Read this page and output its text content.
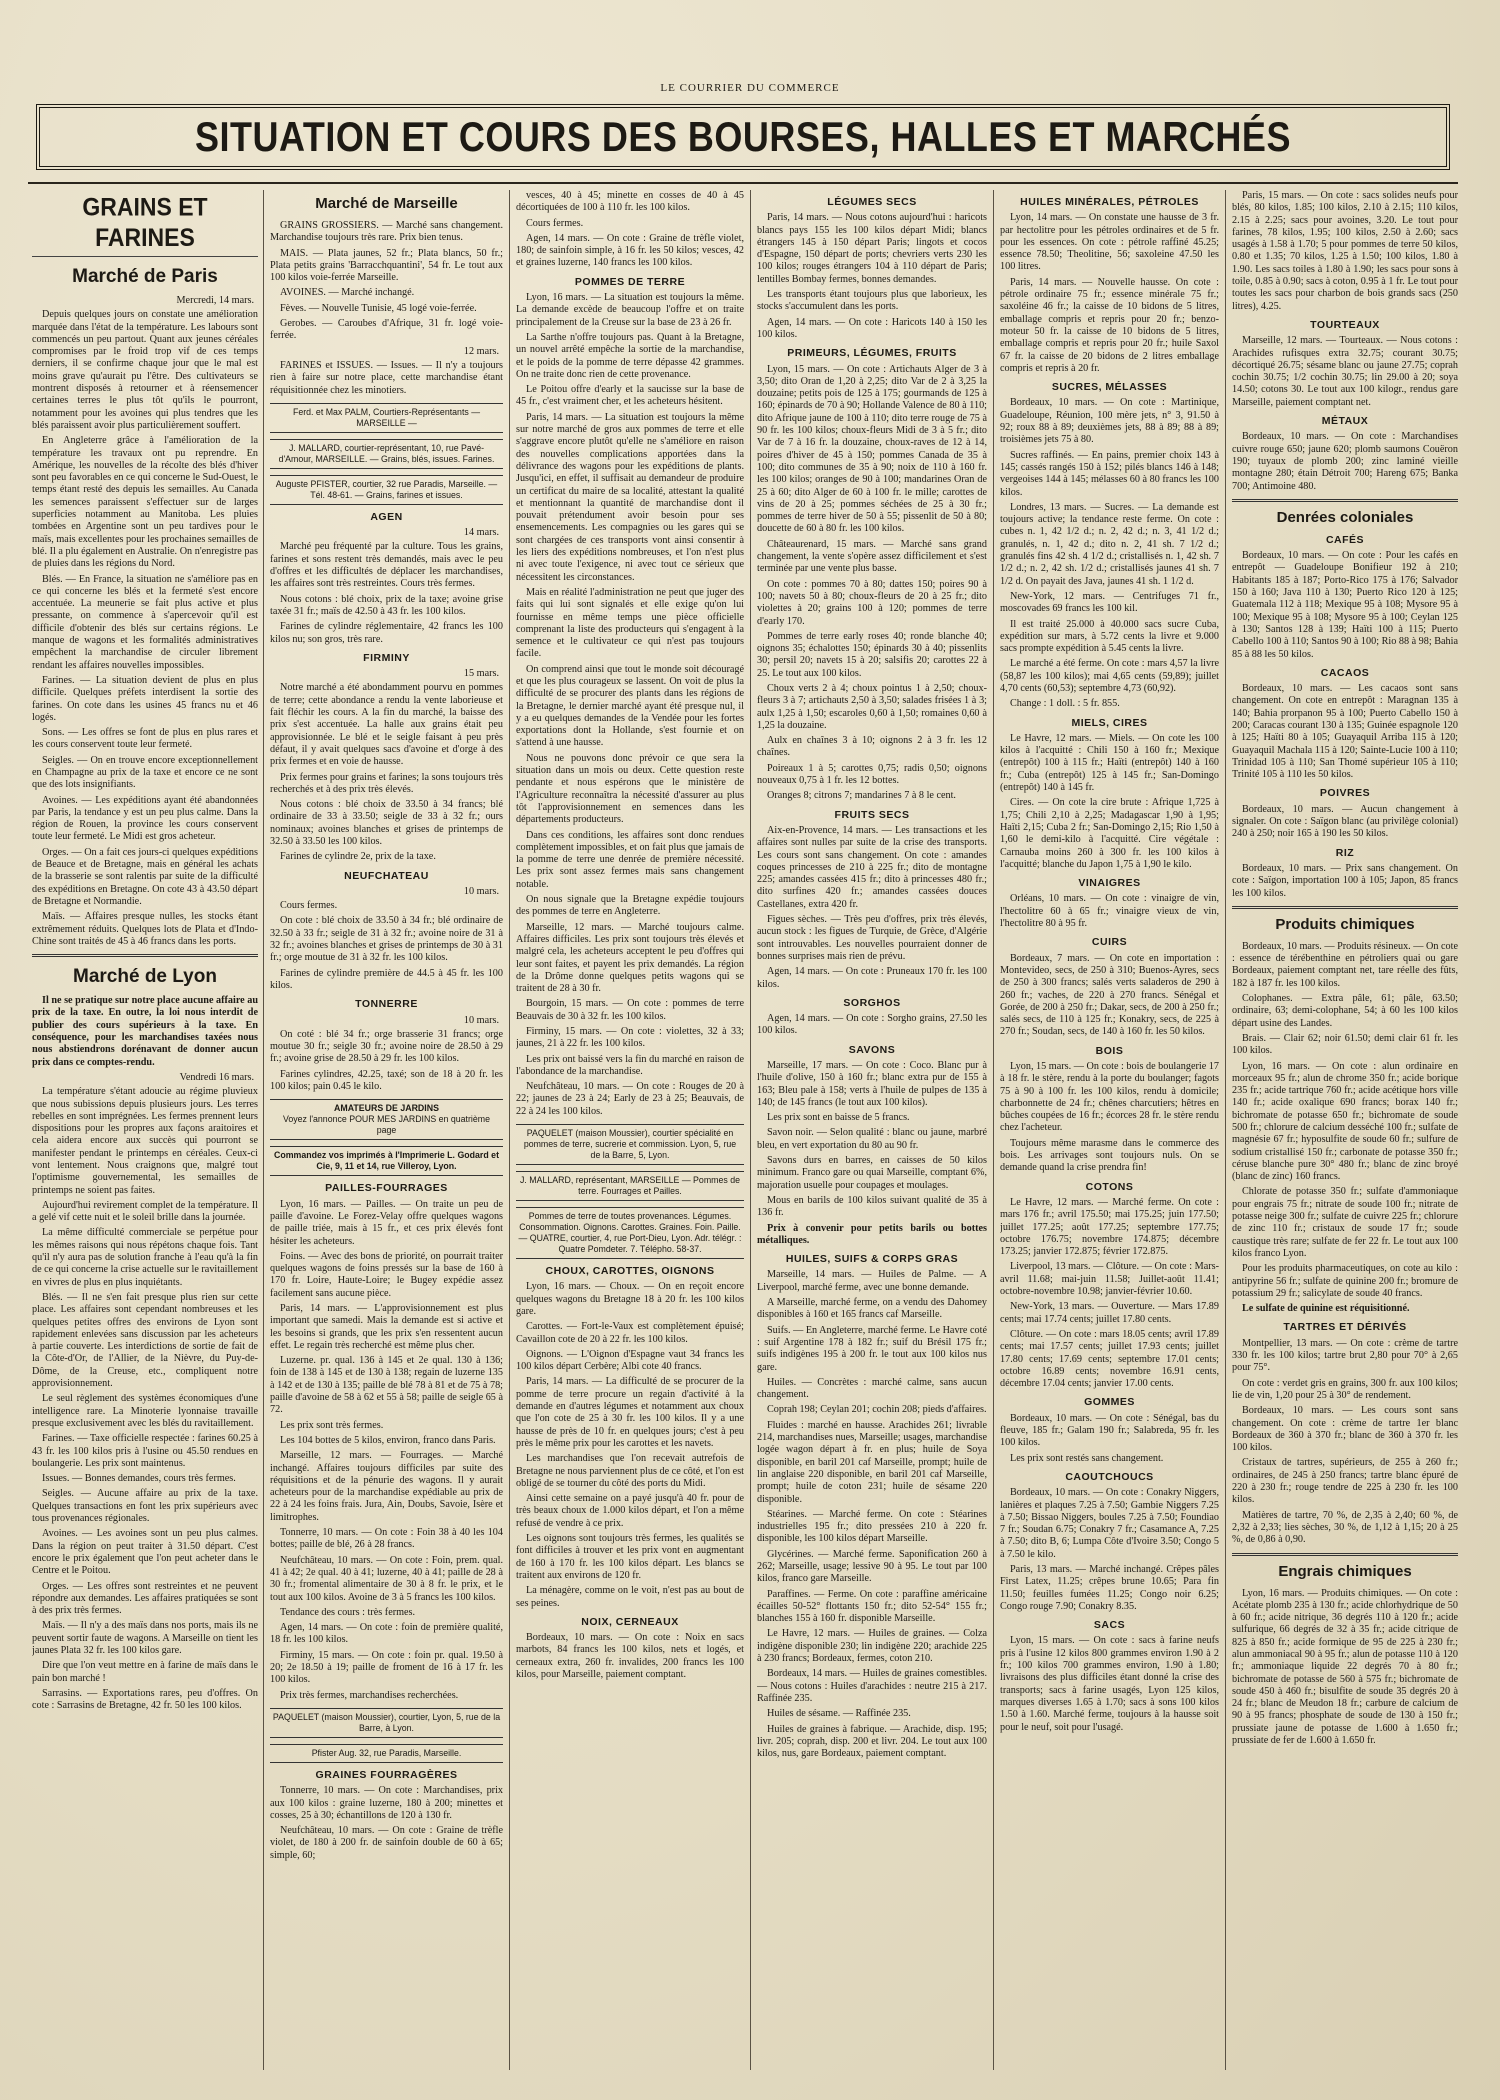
LE COURRIER DU COMMERCE
SITUATION ET COURS DES BOURSES, HALLES ET MARCHÉS
GRAINS ET FARINES
Marché de Paris
Mercredi, 14 mars.

Depuis quelques jours on constate une amélioration marquée dans l'état de la température. Les labours sont commencés un peu partout. Quant aux jeunes céréales compromises par le froid trop vif de ces temps derniers, il se confirme chaque jour que le mal est moins grave qu'aurait pu l'être. Des cultivateurs se montrent disposés à retourner et à réensemencer certaines terres le plus tôt qu'ils le pourront, notamment pour les avoines qui plus tendres que les blés paraissent avoir plus particulièrement souffert.

En Angleterre grâce à l'amélioration de la température les travaux ont pu reprendre. En Amérique, les nouvelles de la récolte des blés d'hiver sont peu favorables en ce qui concerne le Sud-Ouest, le temps étant resté des depuis les semailles. Au Canada les semences paraissent s'effectuer sur de larges superficies notamment au Manitoba. Les pluies tombées en Argentine sont un peu tardives pour le maïs, mais excellentes pour les prochaines semailles de blé. Il a plu également en Australie. On n'enregistre pas de pluies dans les régions du Nord.

Blés. — En France, la situation ne s'améliore pas en ce qui concerne les blés et la fermeté s'est encore accentuée. La meunerie se fait plus active et plus pressante, on commence à s'apercevoir qu'il est difficile d'obtenir des blés sur certains régions. Le manque de wagons et les formalités administratives empêchent la marchandise de circuler librement rendant les affaires nouvelles impossibles.

Farines. — La situation devient de plus en plus difficile. Quelques préfets interdisent la sortie des farines. On cote dans les usines 45 francs nu et 46 logés.

Sons. — Les offres se font de plus en plus rares et les cours conservent toute leur fermeté.

Seigles. — On en trouve encore exceptionnellement en Champagne au prix de la taxe et encore ce ne sont que des lots insignifiants.

Avoines. — Les expéditions ayant été abandonnées par Paris, la tendance y est un peu plus calme. Dans la région de Rouen, la province les cours conservent toute leur fermeté. Le Midi est gros acheteur.

Orges. — On a fait ces jours-ci quelques expéditions de Beauce et de Bretagne, mais en général les achats de la brasserie se sont ralentis par suite de la difficulté des expéditions en Bretagne. On cote 43 à 43.50 départ de Bretagne et Normandie.

Maïs. — Affaires presque nulles, les stocks étant extrêmement réduits. Quelques lots de Plata et d'Indo-Chine sont traités de 45 à 46 francs dans les ports.

Marché de Lyon

Il ne se pratique sur notre place aucune affaire au prix de la taxe. En outre, la loi nous interdit de publier des cours supérieurs à la taxe. En conséquence, pour les marchandises taxées nous nous abstiendrons dorénavant de donner aucun prix dans ce comptes-rendu.

Vendredi 16 mars.

La température s'étant adoucie au régime pluvieux que nous subissions depuis plusieurs jours. Les terres rebelles en sont imprégnées. Les fermes prennent leurs dispositions pour les propres aux façons araitoires et cela aidera encore aux succès qui pourront se manifester pendant le printemps en céréales. Ceux-ci vont lentement. Nous craignons que, malgré tout l'optimisme gouvernemental, les semailles de printemps ne soient pas faites.

Aujourd'hui revirement complet de la température. Il a gelé vif cette nuit et le soleil brille dans la journée.

La même difficulté commerciale se perpétue pour les mêmes raisons qui nous répétons chaque fois. Tant qu'il n'y aura pas de solution franche à l'eau qu'à la fin de ce qui concerne la crise actuelle sur le ravitaillement en vivres de plus en plus inquiétants.

Blés. — Il ne s'en fait presque plus rien sur cette place. Les affaires sont cependant nombreuses et les quelques petites offres des environs de Lyon sont rapidement enlevées sans discussion par les acheteurs à partie couverte. Les interdictions de sortie de fait de la Côte-d'Or, de l'Allier, de la Nièvre, du Puy-de-Dôme, de la Creuse, etc., compliquent notre approvisionnement.

Le seul règlement des systèmes économiques d'une intelligence rare. La Minoterie lyonnaise travaille presque exclusivement avec les blés du ravitaillement.

Farines. — Taxe officielle respectée : farines 60.25 à 43 fr. les 100 kilos pris à l'usine ou 45.50 rendues en boulangerie. Les prix sont maintenus.

Issues. — Bonnes demandes, cours très fermes.

Seigles. — Aucune affaire au prix de la taxe. Quelques transactions en font les prix supérieurs avec tous provenances régionales.

Avoines. — Les avoines sont un peu plus calmes. Dans la région on peut traiter à 31.50 départ. C'est encore le prix également que l'on peut acheter dans le Centre et le Poitou.

Orges. — Les offres sont restreintes et ne peuvent répondre aux demandes. Les affaires pratiquées se sont à des prix très fermes.

Maïs. — Il n'y a des maïs dans nos ports, mais ils ne peuvent sortir faute de wagons. A Marseille on tient les jaunes Plata 32 fr. les 100 kilos gare.

Dire que l'on veut mettre en à farine de maïs dans le pain bon marché !

Sarrasins. — Exportations rares, peu d'offres. On cote : Sarrasins de Bretagne, 42 fr. 50 les 100 kilos.

Marché de Marseille

GRAINS GROSSIERS. — Marché sans changement. Marchandise toujours très rare. Prix bien tenus.

MAIS. — Plata jaunes, 52 fr.; Plata blancs, 50 fr.; Plata petits grains 'Barracchquantini', 54 fr. Le tout aux 100 kilos voie-ferrée Marseille.

AVOINES. — Marché inchangé.

Fèves. — Nouvelle Tunisie, 45 logé voie-ferrée.

Gerobes. — Caroubes d'Afrique, 31 fr. logé voie-ferrée.

12 mars.

FARINES et ISSUES. — Issues. — Il n'y a toujours rien à faire sur notre place, cette marchandise étant réquisitionnée chez les minotiers.

Ferd. et Max PALM, Courtiers-Représentants — MARSEILLE —
J. MALLARD, courtier-représentant, 10, rue Pavé-d'Amour, MARSEILLE. — Grains, blés, issues. Farines.
Auguste PFISTER, courtier, 32 rue Paradis, Marseille. — Tél. 48-61. — Grains, farines et issues.
AGEN
14 mars.

Marché peu fréquenté par la culture. Tous les grains, farines et sons restent très demandés, mais avec le peu d'offres et les difficultés de déplacer les marchandises, les affaires sont très restreintes. Cours très fermes.

Nous cotons : blé choix, prix de la taxe; avoine grise taxée 31 fr.; maïs de 42.50 à 43 fr. les 100 kilos.

Farines de cylindre réglementaire, 42 francs les 100 kilos nu; son gros, très rare.

FIRMINY
15 mars.

Notre marché a été abondamment pourvu en pommes de terre; cette abondance a rendu la vente laborieuse et fait fléchir les cours. A la fin du marché, la baisse des prix s'est accentuée. La halle aux grains était peu approvisionnée. Le blé et le seigle faisant à peu près défaut, il y avait quelques sacs d'avoine et d'orge à des prix fermes et en voie de hausse.

Prix fermes pour grains et farines; la sons toujours très recherchés et à des prix très élevés.

Nous cotons : blé choix de 33.50 à 34 francs; blé ordinaire de 33 à 33.50; seigle de 33 à 32 fr.; ours nominaux; avoines blanches et grises de printemps de 32.50 à 33.50 les 100 kilos.

Farines de cylindre 2e, prix de la taxe.

NEUFCHATEAU
10 mars.

Cours fermes.

On cote : blé choix de 33.50 à 34 fr.; blé ordinaire de 32.50 à 33 fr.; seigle de 31 à 32 fr.; avoine noire de 31 à 32 fr.; avoines blanches et grises de printemps de 30 à 31 fr.; orge moutue de 31 à 32 fr. les 100 kilos.

Farines de cylindre première de 44.5 à 45 fr. les 100 kilos.

TONNERRE
10 mars.

On coté : blé 34 fr.; orge brasserie 31 francs; orge moutue 30 fr.; seigle 30 fr.; avoine noire de 28.50 à 29 fr.; avoine grise de 28.50 à 29 fr. les 100 kilos.

Farines cylindres, 42.25, taxé; son de 18 à 20 fr. les 100 kilos; pain 0.45 le kilo.

AMATEURS DE JARDINS
Voyez l'annonce POUR MES JARDINS en quatrième page
Commandez vos imprimés à l'Imprimerie L. Godard et Cie, 9, 11 et 14, rue Villeroy, Lyon.
PAILLES-FOURRAGES

Lyon, 16 mars. — Pailles. — On traite un peu de paille d'avoine. Le Forez-Velay offre quelques wagons de paille triée, mais à 15 fr., et ces prix élevés font hésiter les acheteurs.

Foins. — Avec des bons de priorité, on pourrait traiter quelques wagons de foins pressés sur la base de 160 à 170 fr. Loire, Haute-Loire; le Bugey expédie assez facilement sans aucune pièce.

Paris, 14 mars. — L'approvisionnement est plus important que samedi. Mais la demande est si active et les besoins si grands, que les prix s'en ressentent aucun effet. Le regain très recherché est même plus cher.

Luzerne. pr. qual. 136 à 145 et 2e qual. 130 à 136; foin de 138 à 145 et de 130 à 138; regain de luzerne 135 à 142 et de 130 à 135; paille de blé 78 à 81 et de 75 à 78; paille d'avoine de 58 à 62 et 55 à 58; paille de seigle 65 à 72.

Les prix sont très fermes.

Les 104 bottes de 5 kilos, environ, franco dans Paris.

Marseille, 12 mars. — Fourrages. — Marché inchangé. Affaires toujours difficiles par suite des réquisitions et de la pénurie des wagons. Il y aurait acheteurs pour de la marchandise expédiable au prix de 22 à 24 les foins frais. Jura, Ain, Doubs, Savoie, Isère et limitrophes.

Tonnerre, 10 mars. — On cote : Foin 38 à 40 les 104 bottes; paille de blé, 26 à 28 francs.

Neufchâteau, 10 mars. — On cote : Foin, prem. qual. 41 à 42; 2e qual. 40 à 41; luzerne, 40 à 41; paille de 28 à 30 fr.; fromental alimentaire de 30 à 8 fr. le prix, et le tout aux 100 kilos. Avoine de 3 à 5 francs les 100 kilos.

Tendance des cours : très fermes.

Agen, 14 mars. — On cote : foin de première qualité, 18 fr. les 100 kilos.

Firminy, 15 mars. — On cote : foin pr. qual. 19.50 à 20; 2e 18.50 à 19; paille de froment de 16 à 17 fr. les 100 kilos.

Prix très fermes, marchandises recherchées.

PAQUELET (maison Moussier), courtier, Lyon, 5, rue de la Barre, à Lyon.
Pfister Aug. 32, rue Paradis, Marseille.
GRAINES FOURRAGÈRES

Tonnerre, 10 mars. — On cote : Marchandises, prix aux 100 kilos : graine luzerne, 180 à 200; minettes et cosses, 25 à 30; échantillons de 120 à 130 fr.

Neufchâteau, 10 mars. — On cote : Graine de trèfle violet, de 180 à 200 fr. de sainfoin double de 60 à 65; simple, 60;

vesces, 40 à 45; minette en cosses de 40 à 45 décortiquées de 100 à 110 fr. les 100 kilos.

Cours fermes.

Agen, 14 mars. — On cote : Graine de trèfle violet, 180; de sainfoin simple, à 16 fr. les 50 kilos; vesces, 42 et graines luzerne, 140 francs les 100 kilos.

POMMES DE TERRE

Lyon, 16 mars. — La situation est toujours la même. La demande excède de beaucoup l'offre et on traite principalement de la Creuse sur la base de 23 à 26 fr.

La Sarthe n'offre toujours pas. Quant à la Bretagne, un nouvel arrêté empêche la sortie de la marchandise, et le poids de la pomme de terre dépasse 42 grammes. On ne traite donc rien de cette provenance.

Le Poitou offre d'early et la saucisse sur la base de 45 fr., c'est vraiment cher, et les acheteurs hésitent.

Paris, 14 mars. — La situation est toujours la même sur notre marché de gros aux pommes de terre et elle s'aggrave encore plutôt qu'elle ne s'améliore en raison des nouvelles complications apportées dans la délivrance des wagons pour les expéditions de plants. Jusqu'ici, en effet, il suffisait au demandeur de produire un certificat du maire de sa localité, attestant la qualité et mentionnant la quantité de marchandise dont il pouvait prétendument avoir besoin pour ses ensemencements. Les compagnies ou les gares qui se sont chargées de ces transports vont ainsi consentir à les liers des expéditions nombreuses, et l'on n'est plus ni avec toute l'exigence, ni avec tout ce sérieux que nécessitent les circonstances.

Mais en réalité l'administration ne peut que juger des faits qui lui sont signalés et elle exige qu'on lui fournisse en même temps une pièce officielle comprenant la liste des producteurs qui s'engagent à la semence et le cultivateur ce qui n'est pas toujours facile.

On comprend ainsi que tout le monde soit découragé et que les plus courageux se lassent. On voit de plus la difficulté de se procurer des plants dans les régions de la Bretagne, le dernier marché ayant été presque nul, il y a eu quelques demandes de la Vendée pour les fortes exportations dont la Hollande, s'est fournie et on s'attend à une hausse.

Nous ne pouvons donc prévoir ce que sera la situation dans un mois ou deux. Cette question reste pendante et nous espérons que le ministère de l'Agriculture reconnaîtra la nécessité d'assurer au plus tôt l'approvisionnement en semences dans les départements producteurs.

Dans ces conditions, les affaires sont donc rendues complètement impossibles, et on fait plus que jamais de la pomme de terre une denrée de première nécessité. Les prix sont assez fermes mais sans changement notable.

On nous signale que la Bretagne expédie toujours des pommes de terre en Angleterre.

Marseille, 12 mars. — Marché toujours calme. Affaires difficiles. Les prix sont toujours très élevés et malgré cela, les acheteurs acceptent le peu d'offres qui leur sont faites, et payent les prix demandés. La région de la Drôme donne quelques petits wagons qui se traitent de 28 à 30 fr.

Bourgoin, 15 mars. — On cote : pommes de terre Beauvais de 30 à 32 fr. les 100 kilos.

Firminy, 15 mars. — On cote : violettes, 32 à 33; jaunes, 21 à 22 fr. les 100 kilos.

Les prix ont baissé vers la fin du marché en raison de l'abondance de la marchandise.

Neufchâteau, 10 mars. — On cote : Rouges de 20 à 22; jaunes de 23 à 24; Early de 23 à 25; Beauvais, de 22 à 24 les 100 kilos.

PAQUELET (maison Moussier), courtier spécialité en pommes de terre, sucrerie et commission. Lyon, 5, rue de la Barre, 5, Lyon.
J. MALLARD, représentant, MARSEILLE — Pommes de terre. Fourrages et Pailles.
Pommes de terre de toutes provenances. Légumes. Consommation. Oignons. Carottes. Graines. Foin. Paille. — QUATRE, courtier, 4, rue Port-Dieu, Lyon. Adr. télégr. : Quatre Pomdeter. 7. Télépho. 58-37.
CHOUX, CAROTTES, OIGNONS

Lyon, 16 mars. — Choux. — On en reçoit encore quelques wagons du Bretagne 18 à 20 fr. les 100 kilos gare.

Carottes. — Fort-le-Vaux est complètement épuisé; Cavaillon cote de 20 à 22 fr. les 100 kilos.

Oignons. — L'Oignon d'Espagne vaut 34 francs les 100 kilos départ Cerbère; Albi cote 40 francs.

Paris, 14 mars. — La difficulté de se procurer de la pomme de terre procure un regain d'activité à la demande en d'autres légumes et notamment aux choux que l'on cote de 25 à 30 fr. les 100 kilos. Il y a une hausse de près de 10 fr. en quelques jours; c'est à peu près le même prix pour les carottes et les navets.

Les marchandises que l'on recevait autrefois de Bretagne ne nous parviennent plus de ce côté, et l'on est obligé de se tourner du côté des ports du Midi.

Ainsi cette semaine on a payé jusqu'à 40 fr. pour de très beaux choux de 1.000 kilos départ, et l'on a même refusé de vendre à ce prix.

Les oignons sont toujours très fermes, les qualités se font difficiles à trouver et les prix vont en augmentant de 160 à 170 fr. les 100 kilos départ. Les blancs se traitent aux environs de 120 fr.

La ménagère, comme on le voit, n'est pas au bout de ses peines.

NOIX, CERNEAUX

Bordeaux, 10 mars. — On cote : Noix en sacs marbots, 84 francs les 100 kilos, nets et logés, et cerneaux extra, 260 fr. invalides, 200 francs les 100 kilos, pour Marseille, paiement comptant.

LÉGUMES SECS

Paris, 14 mars. — Nous cotons aujourd'hui : haricots blancs pays 155 les 100 kilos départ Midi; blancs étrangers 145 à 150 départ Paris; lingots et cocos d'Espagne, 150 départ de ports; chevriers verts 230 les 100 kilos; rouges étrangers 104 à 110 départ de Paris; lentilles Bombay fermes, bonnes demandes.

Les transports étant toujours plus que laborieux, les stocks s'accumulent dans les ports.

Agen, 14 mars. — On cote : Haricots 140 à 150 les 100 kilos.

PRIMEURS, LÉGUMES, FRUITS

Lyon, 15 mars. — On cote : Artichauts Alger de 3 à 3,50; dito Oran de 1,20 à 2,25; dito Var de 2 à 3,25 la douzaine; petits pois de 125 à 175; gourmands de 125 à 160; épinards de 70 à 90; Hollande Valence de 80 à 110; dito Afrique jaune de 100 à 110; dito terre rouge de 75 à 90 fr. les 100 kilos; choux-fleurs Midi de 3 à 5 fr.; dito Var de 7 à 16 fr. la douzaine, choux-raves de 12 à 14, poires d'hiver de 45 à 150; pommes Canada de 35 à 100; dito communes de 35 à 90; noix de 110 à 160 fr. les 100 kilos; oranges de 90 à 100; mandarines Oran de 25 à 60; dito Alger de 60 à 100 fr. le mille; carottes de vins de 20 à 25; pommes séchées de 25 à 30 fr.; pommes de terre hiver de 50 à 55; pissenlit de 50 à 80; doucette de 60 à 80 fr. les 100 kilos.

Châteaurenard, 15 mars. — Marché sans grand changement, la vente s'opère assez difficilement et s'est terminée par une vente plus basse.

On cote : pommes 70 à 80; dattes 150; poires 90 à 100; navets 50 à 80; choux-fleurs de 20 à 25 fr.; dito violettes à 20; grains 100 à 120; pommes de terre d'early 170.

Pommes de terre early roses 40; ronde blanche 40; oignons 35; échalottes 150; épinards 30 à 40; pissenlits 30; persil 20; navets 15 à 20; salsifis 20; carottes 22 à 25. Le tout aux 100 kilos.

Choux verts 2 à 4; choux pointus 1 à 2,50; choux-fleurs 3 à 7; artichauts 2,50 à 3,50; salades frisées 1 à 3; aulx 1,25 à 1,50; escaroles 0,60 à 1,50; romaines 0,60 à 1,25 la douzaine.

Aulx en chaînes 3 à 10; oignons 2 à 3 fr. les 12 chaînes.

Poireaux 1 à 5; carottes 0,75; radis 0,50; oignons nouveaux 0,75 à 1 fr. les 12 bottes.

Oranges 8; citrons 7; mandarines 7 à 8 le cent.

FRUITS SECS

Aix-en-Provence, 14 mars. — Les transactions et les affaires sont nulles par suite de la crise des transports. Les cours sont sans changement. On cote : amandes coques princesses de 210 à 225 fr.; dito de montagne 225; amandes cassées 415 fr.; dito à princesses 480 fr.; dito surfines 420 fr.; amandes cassées douces Castellanes, extra 420 fr.

Figues sèches. — Très peu d'offres, prix très élevés, aucun stock : les figues de Turquie, de Grèce, d'Algérie sont introuvables. Les nouvelles pourraient donner de bonnes surprises mais rien de prévu.

Agen, 14 mars. — On cote : Pruneaux 170 fr. les 100 kilos.

SORGHOS

Agen, 14 mars. — On cote : Sorgho grains, 27.50 les 100 kilos.

SAVONS

Marseille, 17 mars. — On cote : Coco. Blanc pur à l'huile d'olive, 150 à 160 fr.; blanc extra pur de 155 à 163; Bleu pale à 158; verts à l'huile de pulpes de 135 à 140; de 145 francs (le tout aux 100 kilos).

Les prix sont en baisse de 5 francs.

Savon noir. — Selon qualité : blanc ou jaune, marbré bleu, en vert exportation du 80 au 90 fr.

Savons durs en barres, en caisses de 50 kilos minimum. Franco gare ou quai Marseille, comptant 6%, majoration usuelle pour coupages et moulages.

Mous en barils de 100 kilos suivant qualité de 35 à 136 fr.

Prix à convenir pour petits barils ou bottes métalliques.

HUILES, SUIFS & CORPS GRAS

Marseille, 14 mars. — Huiles de Palme. — A Liverpool, marché ferme, avec une bonne demande.

A Marseille, marché ferme, on a vendu des Dahomey disponibles à 160 et 165 francs caf Marseille.

Suifs. — En Angleterre, marché ferme. Le Havre coté : suif Argentine 178 à 182 fr.; suif du Brésil 175 fr.; suifs indigènes 195 à 200 fr. le tout aux 100 kilos nus gare.

Huiles. — Concrètes : marché calme, sans aucun changement.

Coprah 198; Ceylan 201; cochin 208; pieds d'affaires.

Fluides : marché en hausse. Arachides 261; livrable 214, marchandises nues, Marseille; usages, marchandise logée wagon départ à fr. en plus; huile de Soya disponible, en baril 201 caf Marseille, prompt; huile de lin anglaise 220 disponible, en baril 201 caf Marseille, prompt; huile de coton 231; huile de sésame 220 disponible.

Stéarines. — Marché ferme. On cote : Stéarines industrielles 195 fr.; dito pressées 210 à 220 fr. disponible, les 100 kilos départ Marseille.

Glycérines. — Marché ferme. Saponification 260 à 262; Marseille, usage; lessive 90 à 95. Le tout par 100 kilos, franco gare Marseille.

Paraffines. — Ferme. On cote : paraffine américaine écailles 50-52° flottants 150 fr.; dito 52-54° 155 fr.; blanches 155 à 160 fr. disponible Marseille.

Le Havre, 12 mars. — Huiles de graines. — Colza indigène disponible 230; lin indigène 220; arachide 225 à 230 francs; Bordeaux, fermes, coton 210.

Bordeaux, 14 mars. — Huiles de graines comestibles. — Nous cotons : Huiles d'arachides : neutre 215 à 217. Raffinée 235.

Huiles de sésame. — Raffinée 235.

Huiles de graines à fabrique. — Arachide, disp. 195; livr. 205; coprah, disp. 200 et livr. 204. Le tout aux 100 kilos, nus, gare Bordeaux, paiement comptant.

HUILES MINÉRALES, PÉTROLES

Lyon, 14 mars. — On constate une hausse de 3 fr. par hectolitre pour les pétroles ordinaires et de 5 fr. pour les essences. On cote : pétrole raffiné 45.25; essence 78.50; Theolitine, 56; saxoleine 47.50 les 100 litres.

Paris, 14 mars. — Nouvelle hausse. On cote : pétrole ordinaire 75 fr.; essence minérale 75 fr.; saxoléine 46 fr.; la caisse de 10 bidons de 5 litres, emballage compris et repris pour 20 fr.; benzo-moteur 50 fr. la caisse de 10 bidons de 5 litres, emballage compris et repris pour 20 fr.; huile Saxol 67 fr. la caisse de 20 bidons de 2 litres emballage compris et repris à 20 fr.

SUCRES, MÉLASSES

Bordeaux, 10 mars. — On cote : Martinique, Guadeloupe, Réunion, 100 mère jets, n° 3, 91.50 à 92; roux 88 à 89; deuxièmes jets, 88 à 89; 88 à 89; troisièmes jets 75 à 80.

Sucres raffinés. — En pains, premier choix 143 à 145; cassés rangés 150 à 152; pilés blancs 146 à 148; vergeoises 144 à 145; mélasses 60 à 80 francs les 100 kilos.

Londres, 13 mars. — Sucres. — La demande est toujours active; la tendance reste ferme. On cote : cubes n. 1, 42 1/2 d.; n. 2, 42 d.; n. 3, 41 1/2 d.; granulés, n. 1, 42 d.; dito n. 2, 41 sh. 7 1/2 d.; granulés fins 42 sh. 4 1/2 d.; cristallisés n. 1, 42 sh. 7 1/2 d.; n. 2, 42 sh. 1/2 d.; cristallisés jaunes 41 sh. 7 1/2 d. On payait des Java, jaunes 41 sh. 1 1/2 d.

New-York, 12 mars. — Centrifuges 71 fr., moscovades 69 francs les 100 kil.

Il est traité 25.000 à 40.000 sacs sucre Cuba, expédition sur mars, à 5.72 cents la livre et 9.000 sacs prompte expédition à 5.45 cents la livre.

Le marché a été ferme. On cote : mars 4,57 la livre (58,87 les 100 kilos); mai 4,65 cents (59,89); juillet 4,70 cents (60,53); septembre 4,73 (60,92).

Change : 1 doll. : 5 fr. 855.

MIELS, CIRES

Le Havre, 12 mars. — Miels. — On cote les 100 kilos à l'acquitté : Chili 150 à 160 fr.; Mexique (entrepôt) 100 à 115 fr.; Haïti (entrepôt) 140 à 160 fr.; Cuba (entrepôt) 125 à 145 fr.; San-Domingo (entrepôt) 140 à 145 fr.

Cires. — On cote la cire brute : Afrique 1,725 à 1,75; Chili 2,10 à 2,25; Madagascar 1,90 à 1,95; Haïti 2,15; Cuba 2 fr.; San-Domingo 2,15; Rio 1,50 à 1,60 le demi-kilo à l'acquitté. Cire végétale : Carnauba moins 260 à 300 fr. les 100 kilos à l'acquitté; blanche du Japon 1,75 à 1,90 le kilo.

VINAIGRES

Orléans, 10 mars. — On cote : vinaigre de vin, l'hectolitre 60 à 65 fr.; vinaigre vieux de vin, l'hectolitre 80 à 95 fr.

CUIRS

Bordeaux, 7 mars. — On cote en importation : Montevideo, secs, de 250 à 310; Buenos-Ayres, secs de 250 à 300 francs; salés verts saladeros de 290 à 260 fr.; vaches, de 220 à 270 francs. Sénégal et Gorée, de 200 à 250 fr.; Dakar, secs, de 200 à 250 fr.; salés secs, de 110 à 125 fr.; Konakry, secs, de 225 à 270 fr.; Soudan, secs, de 140 à 160 fr. les 50 kilos.

BOIS

Lyon, 15 mars. — On cote : bois de boulangerie 17 à 18 fr. le stère, rendu à la porte du boulanger; fagots 75 à 90 à 100 fr. les 100 kilos, rendu à domicile; charbonnette de 24 fr.; chênes charcutiers; hêtres en bûches coupées de 16 fr.; écorces 28 fr. le stère rendu chez l'acheteur.

Toujours même marasme dans le commerce des bois. Les arrivages sont toujours nuls. On se demande quand la crise prendra fin!

COTONS

Le Havre, 12 mars. — Marché ferme. On cote : mars 176 fr.; avril 175.50; mai 175.25; juin 177.50; juillet 177.25; août 177.25; septembre 177.75; octobre 176.75; novembre 174.875; décembre 173.25; janvier 172.875; février 172.875.

Liverpool, 13 mars. — Clôture. — On cote : Mars-avril 11.68; mai-juin 11.58; Juillet-août 11.41; octobre-novembre 10.98; janvier-février 10.60.

New-York, 13 mars. — Ouverture. — Mars 17.89 cents; mai 17.74 cents; juillet 17.80 cents.

Clôture. — On cote : mars 18.05 cents; avril 17.89 cents; mai 17.57 cents; juillet 17.93 cents; juillet 17.80 cents; 17.69 cents; septembre 17.01 cents; octobre 16.89 cents; novembre 16.91 cents, décembre 17.04 cents; janvier 17.00 cents.

GOMMES

Bordeaux, 10 mars. — On cote : Sénégal, bas du fleuve, 185 fr.; Galam 190 fr.; Salabreda, 95 fr. les 100 kilos.

Les prix sont restés sans changement.

CAOUTCHOUCS

Bordeaux, 10 mars. — On cote : Conakry Niggers, lanières et plaques 7.25 à 7.50; Gambie Niggers 7.25 à 7.50; Bissao Niggers, boules 7.25 à 7.50; Foundiao 7 fr.; Soudan 6.75; Conakry 7 fr.; Casamance A, 7.25 à 7.50; dito B, 6; Lumpa Côte d'Ivoire 3.50; Congo 5 à 7.50 le kilo.

Paris, 13 mars. — Marché inchangé. Crêpes pâles First Latex, 11.25; crêpes brune 10.65; Para fin 11.50; feuilles fumées 11.25; Congo noir 6.25; Congo rouge 7.90; Conakry 8.35.

SACS

Lyon, 15 mars. — On cote : sacs à farine neufs pris à l'usine 12 kilos 800 grammes environ 1.90 à 2 fr.; 100 kilos 700 grammes environ, 1.90 à 1.80; livraisons des plus difficiles étant donné la crise des transports; sacs à farine usagés, Lyon 125 kilos, marques diverses 1.65 à 1.70; sacs à sons 100 kilos 1.50 à 1.60. Marché ferme, toujours à la hausse soit pour le neuf, soit pour l'usagé.

Paris, 15 mars. — On cote : sacs solides neufs pour blés, 80 kilos, 1.85; 100 kilos, 2.10 à 2.15; 110 kilos, 2.15 à 2.25; sacs pour avoines, 3.20. Le tout pour farines, 78 kilos, 1.95; 100 kilos, 2.50 à 2.60; sacs usagés à 1.58 à 1.70; 5 pour pommes de terre 50 kilos, 0.80 et 1.35; 70 kilos, 1.25 à 1.50; 100 kilos, 1.80 à 1.90. Les sacs toiles à 1.80 à 1.90; les sacs pour sons à toile, 0.85 à 0.90; sacs à coton, 0.95 à 1 fr. Le tout pour toutes les sacs pour charbon de bois grands sacs (250 litres), 4.25.

TOURTEAUX

Marseille, 12 mars. — Tourteaux. — Nous cotons : Arachides rufisques extra 32.75; courant 30.75; décortiqué 26.75; sésame blanc ou jaune 27.75; coprah cochin 30.75; 1/2 cochin 30.75; lin 29.00 à 20; soya 14.50; cotons 30. Le tout aux 100 kilogr., rendus gare Marseille, paiement comptant net.

MÉTAUX

Bordeaux, 10 mars. — On cote : Marchandises cuivre rouge 650; jaune 620; plomb saumons Couëron 190; tuyaux de plomb 200; zinc laminé vieille montagne 280; étain Détroit 700; Hareng 675; Banka 700; Antimoine 480.

Denrées coloniales
CAFÉS

Bordeaux, 10 mars. — On cote : Pour les cafés en entrepôt — Guadeloupe Bonifieur 192 à 210; Habitants 185 à 187; Porto-Rico 175 à 176; Salvador 150 à 160; Java 110 à 130; Puerto Rico 120 à 125; Guatemala 112 à 118; Mexique 95 à 108; Mysore 95 à 100; Mexique 95 à 108; Mysore 95 à 100; Ceylan 125 à 130; Santos 128 à 139; Haïti 100 à 115; Puerto Cabello 100 à 110; Santos 90 à 100; Rio 88 à 98; Bahia 85 à 88 les 50 kilos.

CACAOS

Bordeaux, 10 mars. — Les cacaos sont sans changement. On cote en entrepôt : Maragnan 135 à 140; Bahia prorpanon 95 à 100; Puerto Cabello 150 à 200; Caracas courant 130 à 135; Guinée espagnole 120 à 125; Haïti 80 à 105; Guayaquil Arriba 115 à 120; Guayaquil Machala 115 à 120; Sainte-Lucie 100 à 110; Trinidad 105 à 110; San Thomé supérieur 105 à 110; Trinité 105 à 110 les 50 kilos.

POIVRES

Bordeaux, 10 mars. — Aucun changement à signaler. On cote : Saïgon blanc (au privilège colonial) 240 à 250; noir 165 à 190 les 50 kilos.

RIZ

Bordeaux, 10 mars. — Prix sans changement. On cote : Saïgon, importation 100 à 105; Japon, 85 francs les 100 kilos.

Produits chimiques

Bordeaux, 10 mars. — Produits résineux. — On cote : essence de térébenthine en pétroliers quai ou gare Bordeaux, paiement comptant net, tare réelle des fûts, 182 à 187 fr. les 100 kilos.

Colophanes. — Extra pâle, 61; pâle, 63.50; ordinaire, 63; demi-colophane, 54; à 60 les 100 kilos départ usine des Landes.

Brais. — Clair 62; noir 61.50; demi clair 61 fr. les 100 kilos.

Lyon, 16 mars. — On cote : alun ordinaire en morceaux 95 fr.; alun de chrome 350 fr.; acide borique 235 fr.; acide tartrique 760 fr.; acide acétique hors ville 140 fr.; acide oxalique 690 francs; borax 140 fr.; bichromate de potasse 650 fr.; bichromate de soude 500 fr.; chlorure de calcium desséché 100 fr.; sulfate de magnésie 67 fr.; hyposulfite de soude 60 fr.; sulfure de sodium cristallisé 150 fr.; carbonate de potasse 350 fr.; céruse blanche pure 30° 480 fr.; blanc de zinc broyé (blanc de zinc) 160 francs.

Chlorate de potasse 350 fr.; sulfate d'ammoniaque pour engrais 75 fr.; nitrate de soude 100 fr.; nitrate de potasse neige 300 fr.; sulfate de cuivre 225 fr.; chlorure de zinc 110 fr.; cristaux de soude 17 fr.; soude caustique très rare; sulfate de fer 22 fr. Le tout aux 100 kilos franco Lyon.

Pour les produits pharmaceutiques, on cote au kilo : antipyrine 56 fr.; sulfate de quinine 200 fr.; bromure de potassium 29 fr.; salicylate de soude 40 francs.

Le sulfate de quinine est réquisitionné.

TARTRES ET DÉRIVÉS

Montpellier, 13 mars. — On cote : crème de tartre 330 fr. les 100 kilos; tartre brut 2,80 pour 70° à 2,65 pour 75°.

On cote : verdet gris en grains, 300 fr. aux 100 kilos; lie de vin, 1,20 pour 25 à 30° de rendement.

Bordeaux, 10 mars. — Les cours sont sans changement. On cote : crème de tartre 1er blanc Bordeaux de 360 à 370 fr.; blanc de 360 à 370 fr. les 100 kilos.

Cristaux de tartres, supérieurs, de 255 à 260 fr.; ordinaires, de 245 à 250 francs; tartre blanc épuré de 220 à 230 fr.; rouge tendre de 225 à 230 fr. les 100 kilos.

Matières de tartre, 70 %, de 2,35 à 2,40; 60 %, de 2,32 à 2,33; lies sèches, 30 %, de 1,12 à 1,15; 20 à 25 %, de 0,86 à 0,90.

Engrais chimiques

Lyon, 16 mars. — Produits chimiques. — On cote : Acétate plomb 235 à 130 fr.; acide chlorhydrique de 50 à 60 fr.; acide nitrique, 36 degrés 110 à 120 fr.; acide sulfurique, 66 degrés de 32 à 35 fr.; acide citrique de 825 à 850 fr.; acide formique de 95 de 225 à 230 fr.; alun ammoniacal 90 à 95 fr.; alun de potasse 110 à 120 fr.; ammoniaque liquide 22 degrés 70 à 80 fr.; bichromate de potasse de 560 à 575 fr.; bichromate de soude 450 à 460 fr.; bisulfite de soude 35 degrés 20 à 24 fr.; blanc de Meudon 18 fr.; carbure de calcium de 90 à 95 francs; phosphate de soude de 130 à 150 fr.; prussiate jaune de potasse de 1.600 à 1.650 fr.; prussiate de fer de 1.600 à 1.650 fr.
